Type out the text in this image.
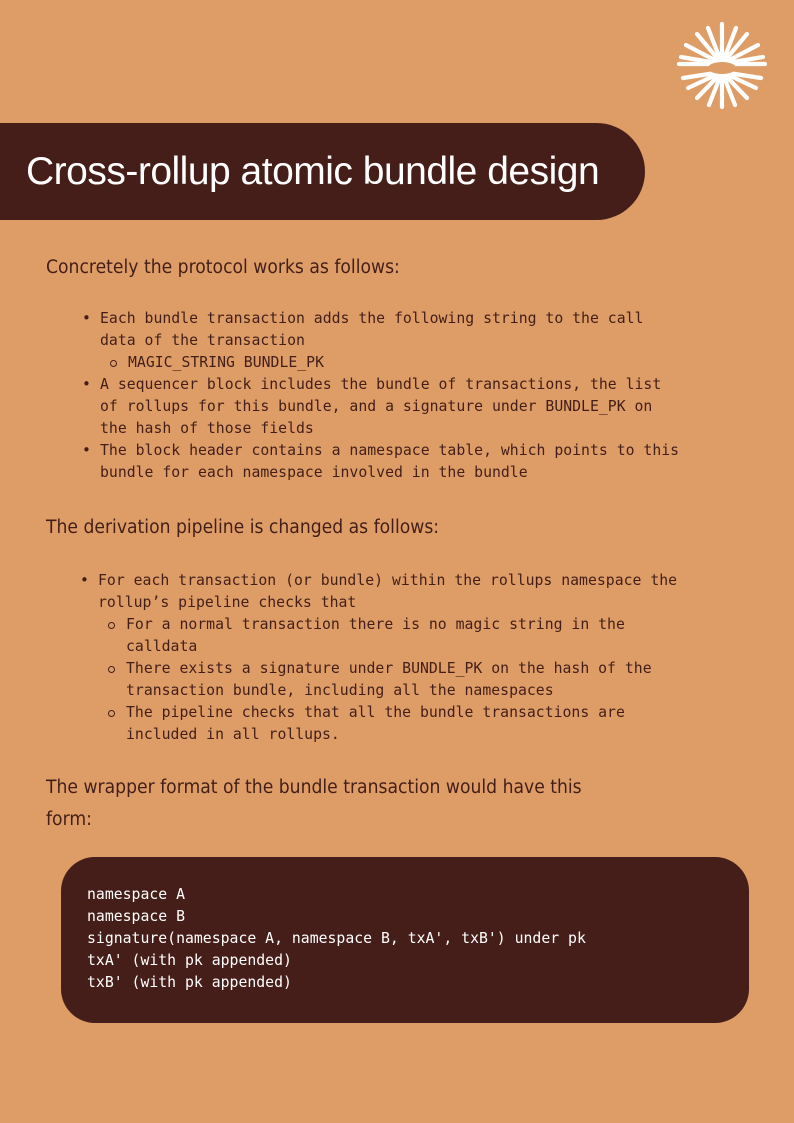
Cross-rollup atomic bundle design
Concretely the protocol works as follows:
• Each bundle transaction adds the following string to the call data of the transaction
MAGIC_STRING BUNDLE_PK
• A sequencer block includes the bundle of transactions, the list of rollups for this bundle, and a signature under BUNDLE_PK on the hash of those fields
• The block header contains a namespace table, which points to this bundle for each namespace involved in the bundle
The derivation pipeline is changed as follows:
• For each transaction (or bundle) within the rollups namespace the rollup’s pipeline checks that
For a normal transaction there is no magic string in the calldata
There exists a signature under BUNDLE_PK on the hash of the transaction bundle, including all the namespaces
The pipeline checks that all the bundle transactions are included in all rollups.
The wrapper format of the bundle transaction would have this form:
namespace A
namespace B
signature(namespace A, namespace B, txA', txB') under pk
txA' (with pk appended)
txB' (with pk appended)
